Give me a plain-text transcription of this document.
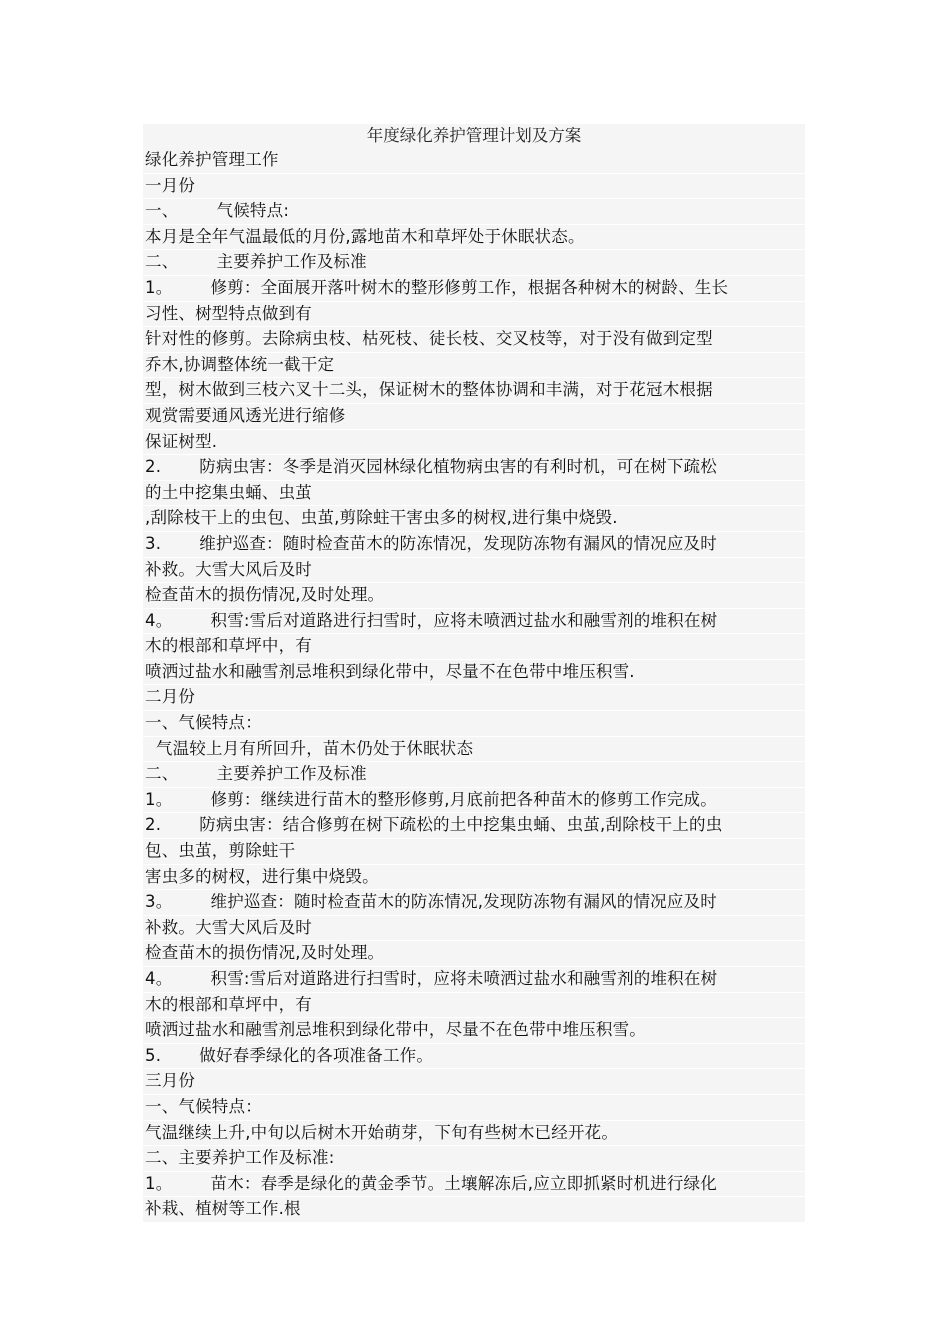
年度绿化养护管理计划及方案
绿化养护管理工作
一月份
一、       气候特点:
本月是全年气温最低的月份,露地苗木和草坪处于休眠状态。
二、       主要养护工作及标准
1。       修剪：全面展开落叶树木的整形修剪工作，根据各种树木的树龄、生长
习性、树型特点做到有
针对性的修剪。去除病虫枝、枯死枝、徒长枝、交叉枝等，对于没有做到定型
乔木,协调整体统一截干定
型，树木做到三枝六叉十二头，保证树木的整体协调和丰满，对于花冠木根据
观赏需要通风透光进行缩修
保证树型.
2.       防病虫害：冬季是消灭园林绿化植物病虫害的有利时机，可在树下疏松
的土中挖集虫蛹、虫茧
,刮除枝干上的虫包、虫茧,剪除蛀干害虫多的树杈,进行集中烧毁.
3.       维护巡查：随时检查苗木的防冻情况，发现防冻物有漏风的情况应及时
补救。大雪大风后及时
检查苗木的损伤情况,及时处理。
4。       积雪:雪后对道路进行扫雪时，应将未喷洒过盐水和融雪剂的堆积在树
木的根部和草坪中，有
喷洒过盐水和融雪剂忌堆积到绿化带中，尽量不在色带中堆压积雪.
二月份
一、气候特点：
气温较上月有所回升，苗木仍处于休眠状态
二、       主要养护工作及标准
1。       修剪：继续进行苗木的整形修剪,月底前把各种苗木的修剪工作完成。
2.       防病虫害：结合修剪在树下疏松的土中挖集虫蛹、虫茧,刮除枝干上的虫
包、虫茧，剪除蛀干
害虫多的树杈，进行集中烧毁。
3。       维护巡查：随时检查苗木的防冻情况,发现防冻物有漏风的情况应及时
补救。大雪大风后及时
检查苗木的损伤情况,及时处理。
4。       积雪:雪后对道路进行扫雪时，应将未喷洒过盐水和融雪剂的堆积在树
木的根部和草坪中，有
喷洒过盐水和融雪剂忌堆积到绿化带中，尽量不在色带中堆压积雪。
5.       做好春季绿化的各项准备工作。
三月份
一、气候特点：
气温继续上升,中旬以后树木开始萌芽，下旬有些树木已经开花。
二、主要养护工作及标准:
1。       苗木：春季是绿化的黄金季节。土壤解冻后,应立即抓紧时机进行绿化
补栽、植树等工作.根
